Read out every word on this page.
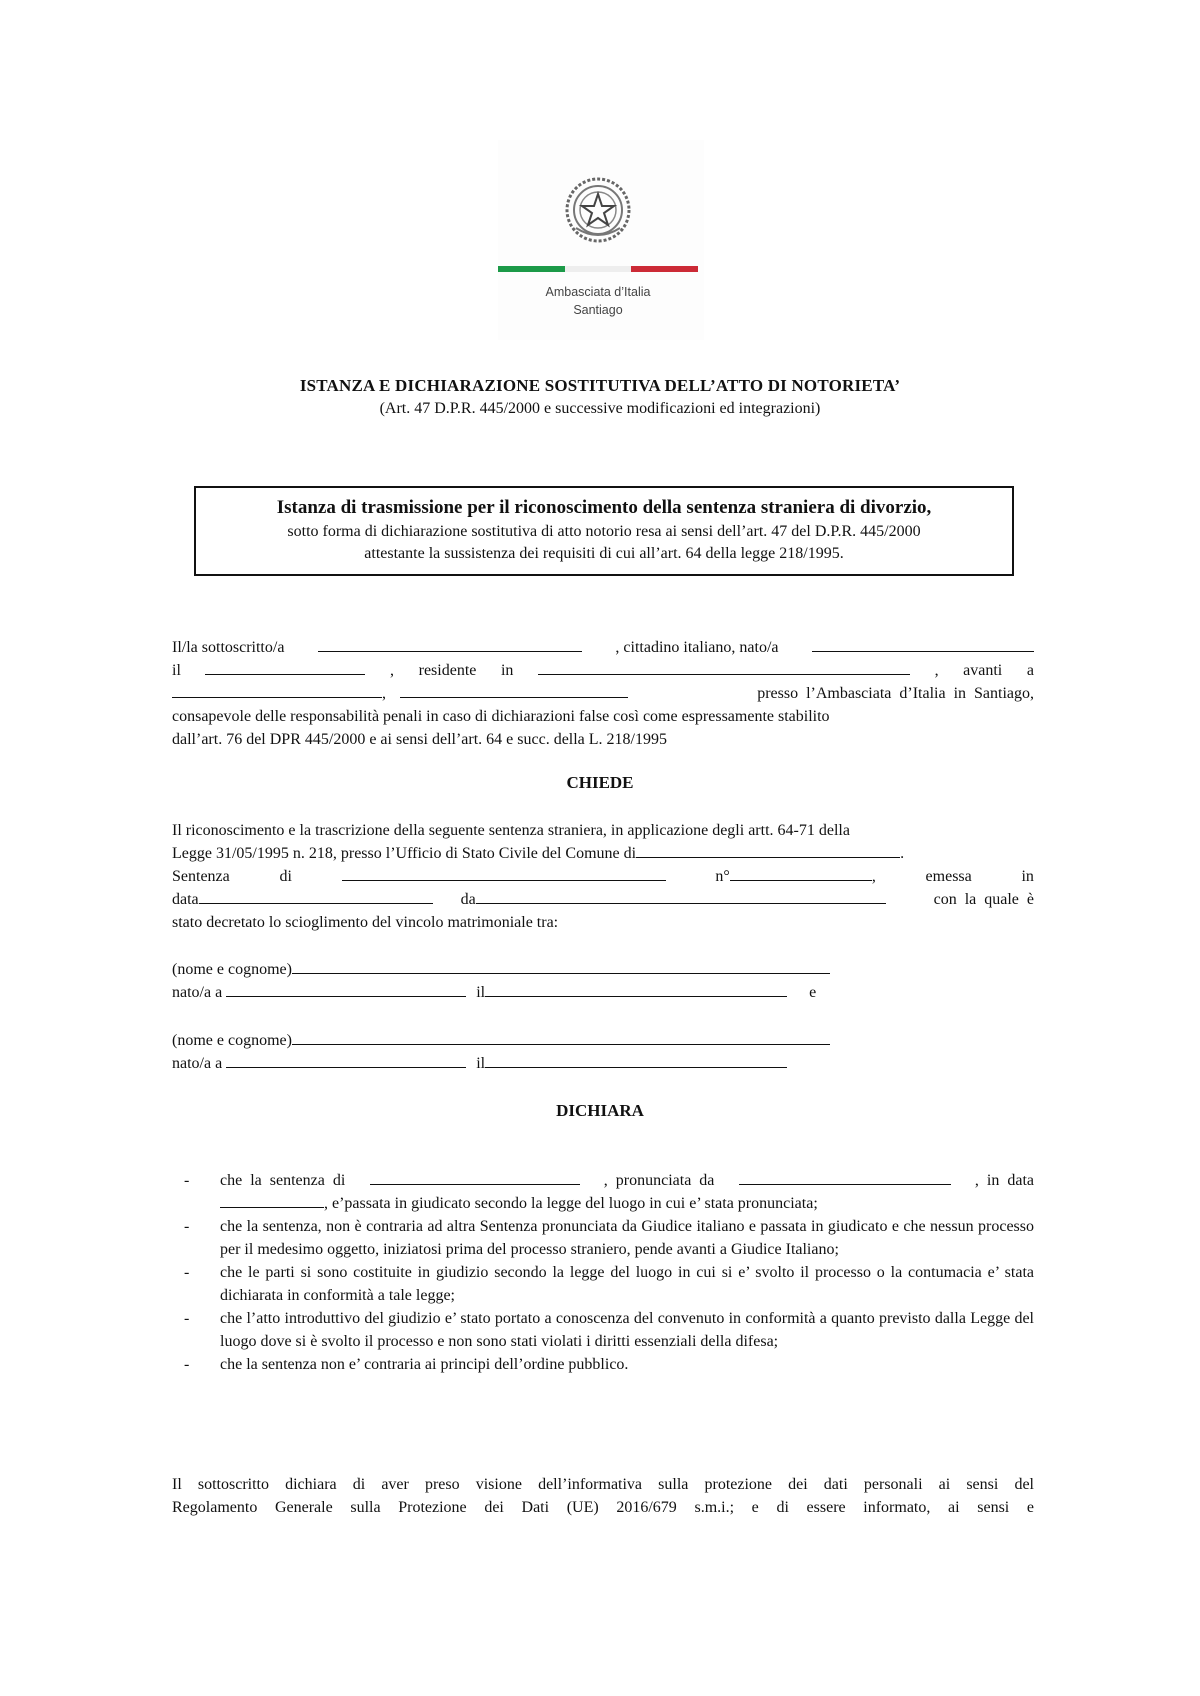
Ambasciata d’Italia
Santiago
ISTANZA E DICHIARAZIONE SOSTITUTIVA DELL’ATTO DI NOTORIETA’
(Art. 47 D.P.R. 445/2000 e successive modificazioni ed integrazioni)
Istanza di trasmissione per il riconoscimento della sentenza straniera di divorzio,
sotto forma di dichiarazione sostitutiva di atto notorio resa ai sensi dell’art. 47 del D.P.R. 445/2000
attestante la sussistenza dei requisiti di cui all’art. 64 della legge 218/1995.
Il/la sottoscritto/a	, cittadino italiano, nato/a
il	, residente in	, avanti a
,	presso  l’Ambasciata  d’Italia  in  Santiago,
consapevole delle responsabilità penali in caso di dichiarazioni false così come espressamente stabilito
dall’art. 76 del DPR 445/2000 e ai sensi dell’art. 64 e succ. della L. 218/1995
CHIEDE
Il riconoscimento e la trascrizione della seguente sentenza straniera, in applicazione degli artt. 64-71 della
Legge 31/05/1995 n. 218, presso l’Ufficio di Stato Civile del Comune di	.
Sentenza	di	n°	,	emessa	in
data	da	con  la  quale  è
stato decretato lo scioglimento del vincolo matrimoniale tra:
(nome e cognome)
nato/a a	il	e
(nome e cognome)
nato/a a	il
DICHIARA
- che  la  sentenza  di	,  pronunciata  da	,  in  data
, e’passata in giudicato secondo la legge del luogo in cui e’ stata pronunciata;
- che la sentenza, non è contraria ad altra Sentenza pronunciata da Giudice italiano e passata in giudicato e che nessun processo per il medesimo oggetto, iniziatosi prima del processo straniero, pende avanti a Giudice Italiano;
- che le parti si sono costituite in giudizio secondo la legge del luogo in cui si e’ svolto il processo o la contumacia e’ stata dichiarata in conformità a tale legge;
- che l’atto introduttivo del giudizio e’ stato portato a conoscenza del convenuto in conformità a quanto previsto dalla Legge del luogo dove si è svolto il processo e non sono stati violati i diritti essenziali della difesa;
- che la sentenza non e’ contraria ai principi dell’ordine pubblico.
Il sottoscritto dichiara di aver preso visione dell’informativa sulla protezione dei dati personali ai sensi del
Regolamento Generale sulla Protezione dei Dati (UE) 2016/679 s.m.i.; e di essere informato, ai sensi e
